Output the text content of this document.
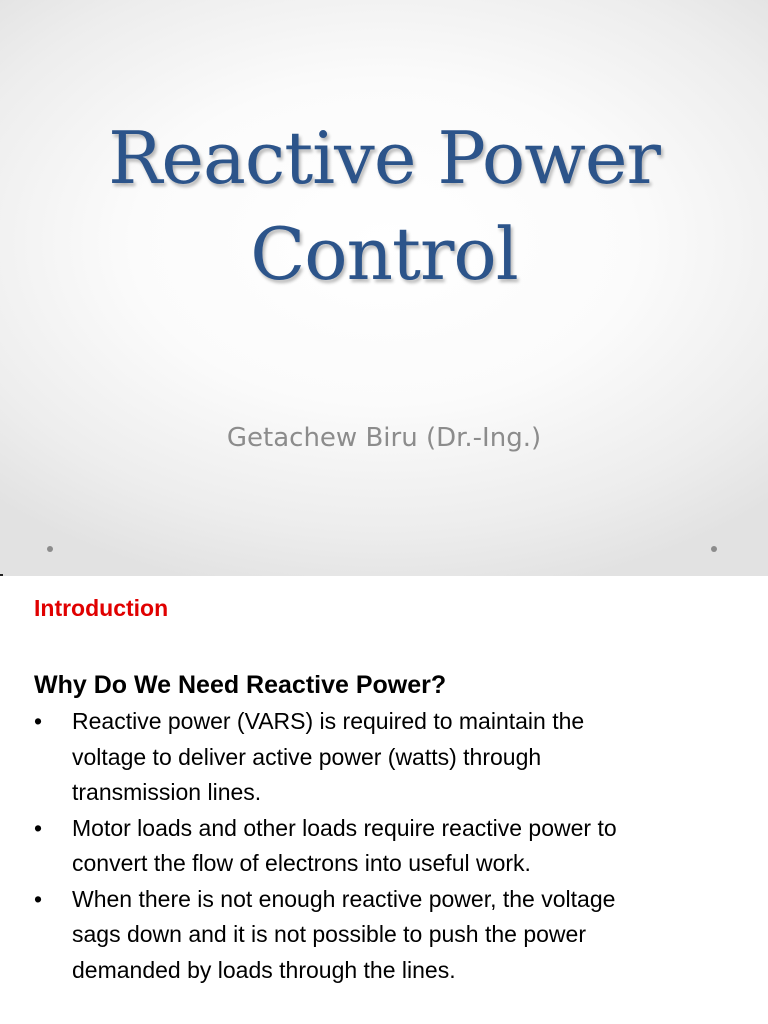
Reactive Power
Control
Getachew Biru (Dr.-Ing.)
Introduction
Why Do We Need Reactive Power?
•	Reactive power (VARS) is required to maintain the
voltage to deliver active power (watts) through
transmission lines.
•	Motor loads and other loads require reactive power to
convert the flow of electrons into useful work.
•	When there is not enough reactive power, the voltage
sags down and it is not possible to push the power
demanded by loads through the lines.
